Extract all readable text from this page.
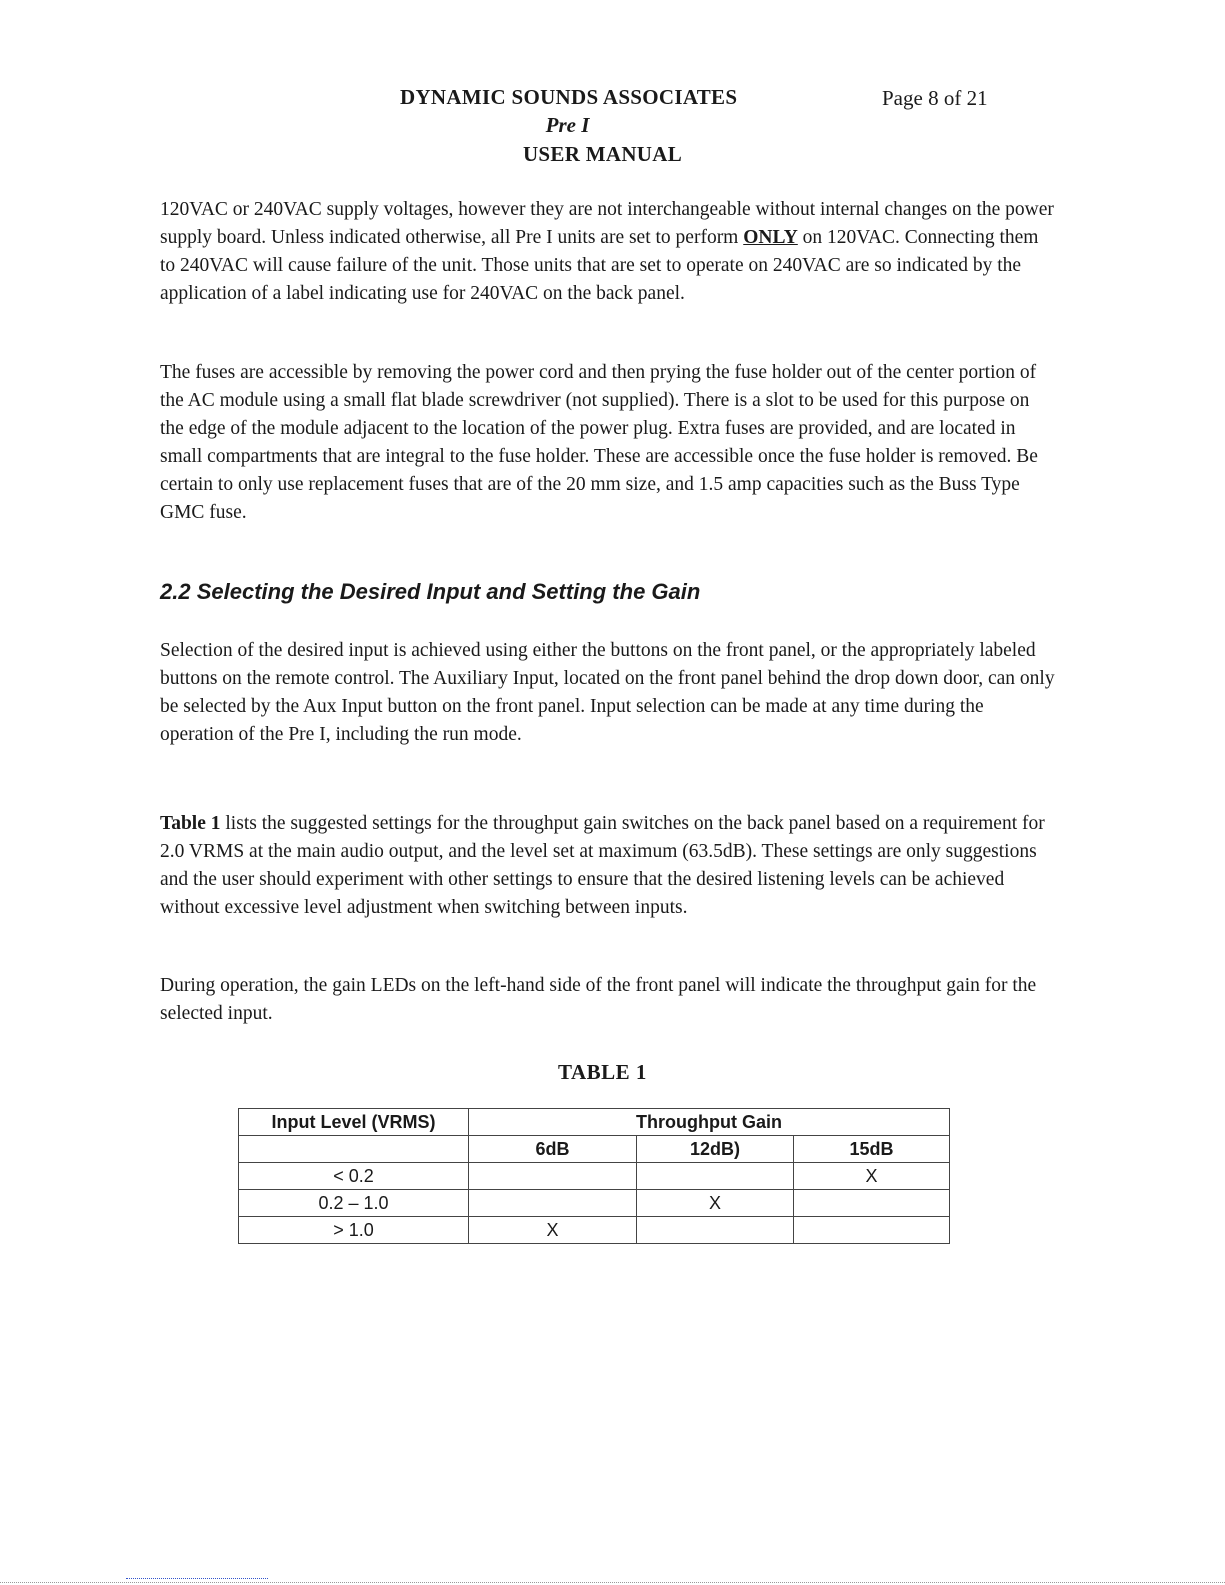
DYNAMIC SOUNDS ASSOCIATES	Page 8 of 21
Pre I
USER MANUAL

120VAC or 240VAC supply voltages, however they are not interchangeable without internal changes on the power supply board. Unless indicated otherwise, all Pre I units are set to perform ONLY on 120VAC. Connecting them to 240VAC will cause failure of the unit. Those units that are set to operate on 240VAC are so indicated by the application of a label indicating use for 240VAC on the back panel.

The fuses are accessible by removing the power cord and then prying the fuse holder out of the center portion of the AC module using a small flat blade screwdriver (not supplied). There is a slot to be used for this purpose on the edge of the module adjacent to the location of the power plug. Extra fuses are provided, and are located in small compartments that are integral to the fuse holder. These are accessible once the fuse holder is removed. Be certain to only use replacement fuses that are of the 20 mm size, and 1.5 amp capacities such as the Buss Type GMC fuse.

2.2 Selecting the Desired Input and Setting the Gain

Selection of the desired input is achieved using either the buttons on the front panel, or the appropriately labeled buttons on the remote control. The Auxiliary Input, located on the front panel behind the drop down door, can only be selected by the Aux Input button on the front panel. Input selection can be made at any time during the operation of the Pre I, including the run mode.

Table 1 lists the suggested settings for the throughput gain switches on the back panel based on a requirement for 2.0 VRMS at the main audio output, and the level set at maximum (63.5dB). These settings are only suggestions and the user should experiment with other settings to ensure that the desired listening levels can be achieved without excessive level adjustment when switching between inputs.

During operation, the gain LEDs on the left-hand side of the front panel will indicate the throughput gain for the selected input.

TABLE 1
Input Level (VRMS)	Throughput Gain		
	6dB	12dB)	15dB
< 0.2			X
0.2 – 1.0		X	
> 1.0	X		
